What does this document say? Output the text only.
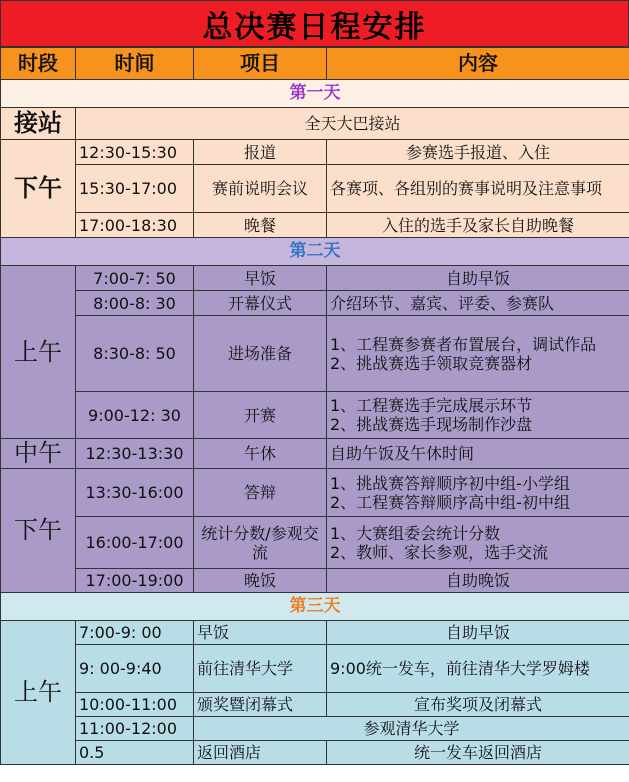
总决赛日程安排
时段	时间	项目	内容
第一天			
接站	全天大巴接站		
下午	12:30-15:30	报道	参赛选手报道、入住
	15:30-17:00	赛前说明会议	各赛项、各组别的赛事说明及注意事项
	17:00-18:30	晚餐	入住的选手及家长自助晚餐
第二天			
上午	7:00-7: 50	早饭	自助早饭
	8:00-8: 30	开幕仪式	介绍环节、嘉宾、评委、参赛队
	8:30-8: 50	进场准备	1、工程赛参赛者布置展台，调试作品
2、挑战赛选手领取竞赛器材

	9:00-12: 30	开赛	1、工程赛选手完成展示环节
2、挑战赛选手现场制作沙盘

中午	12:30-13:30	午休	自助午饭及午休时间
下午	13:30-16:00	答辩	1、挑战赛答辩顺序初中组-小学组
2、工程赛答辩顺序高中组-初中组

	16:00-17:00	统计分数/参观交流	1、大赛组委会统计分数
2、教师、家长参观，选手交流

	17:00-19:00	晚饭	自助晚饭
第三天			
上午	7:00-9: 00	早饭	自助早饭
	9: 00-9:40	前往清华大学	9:00统一发车，前往清华大学罗姆楼
	10:00-11:00	颁奖暨闭幕式	宣布奖项及闭幕式
	11:00-12:00	参观清华大学	
	0.5	返回酒店	统一发车返回酒店
